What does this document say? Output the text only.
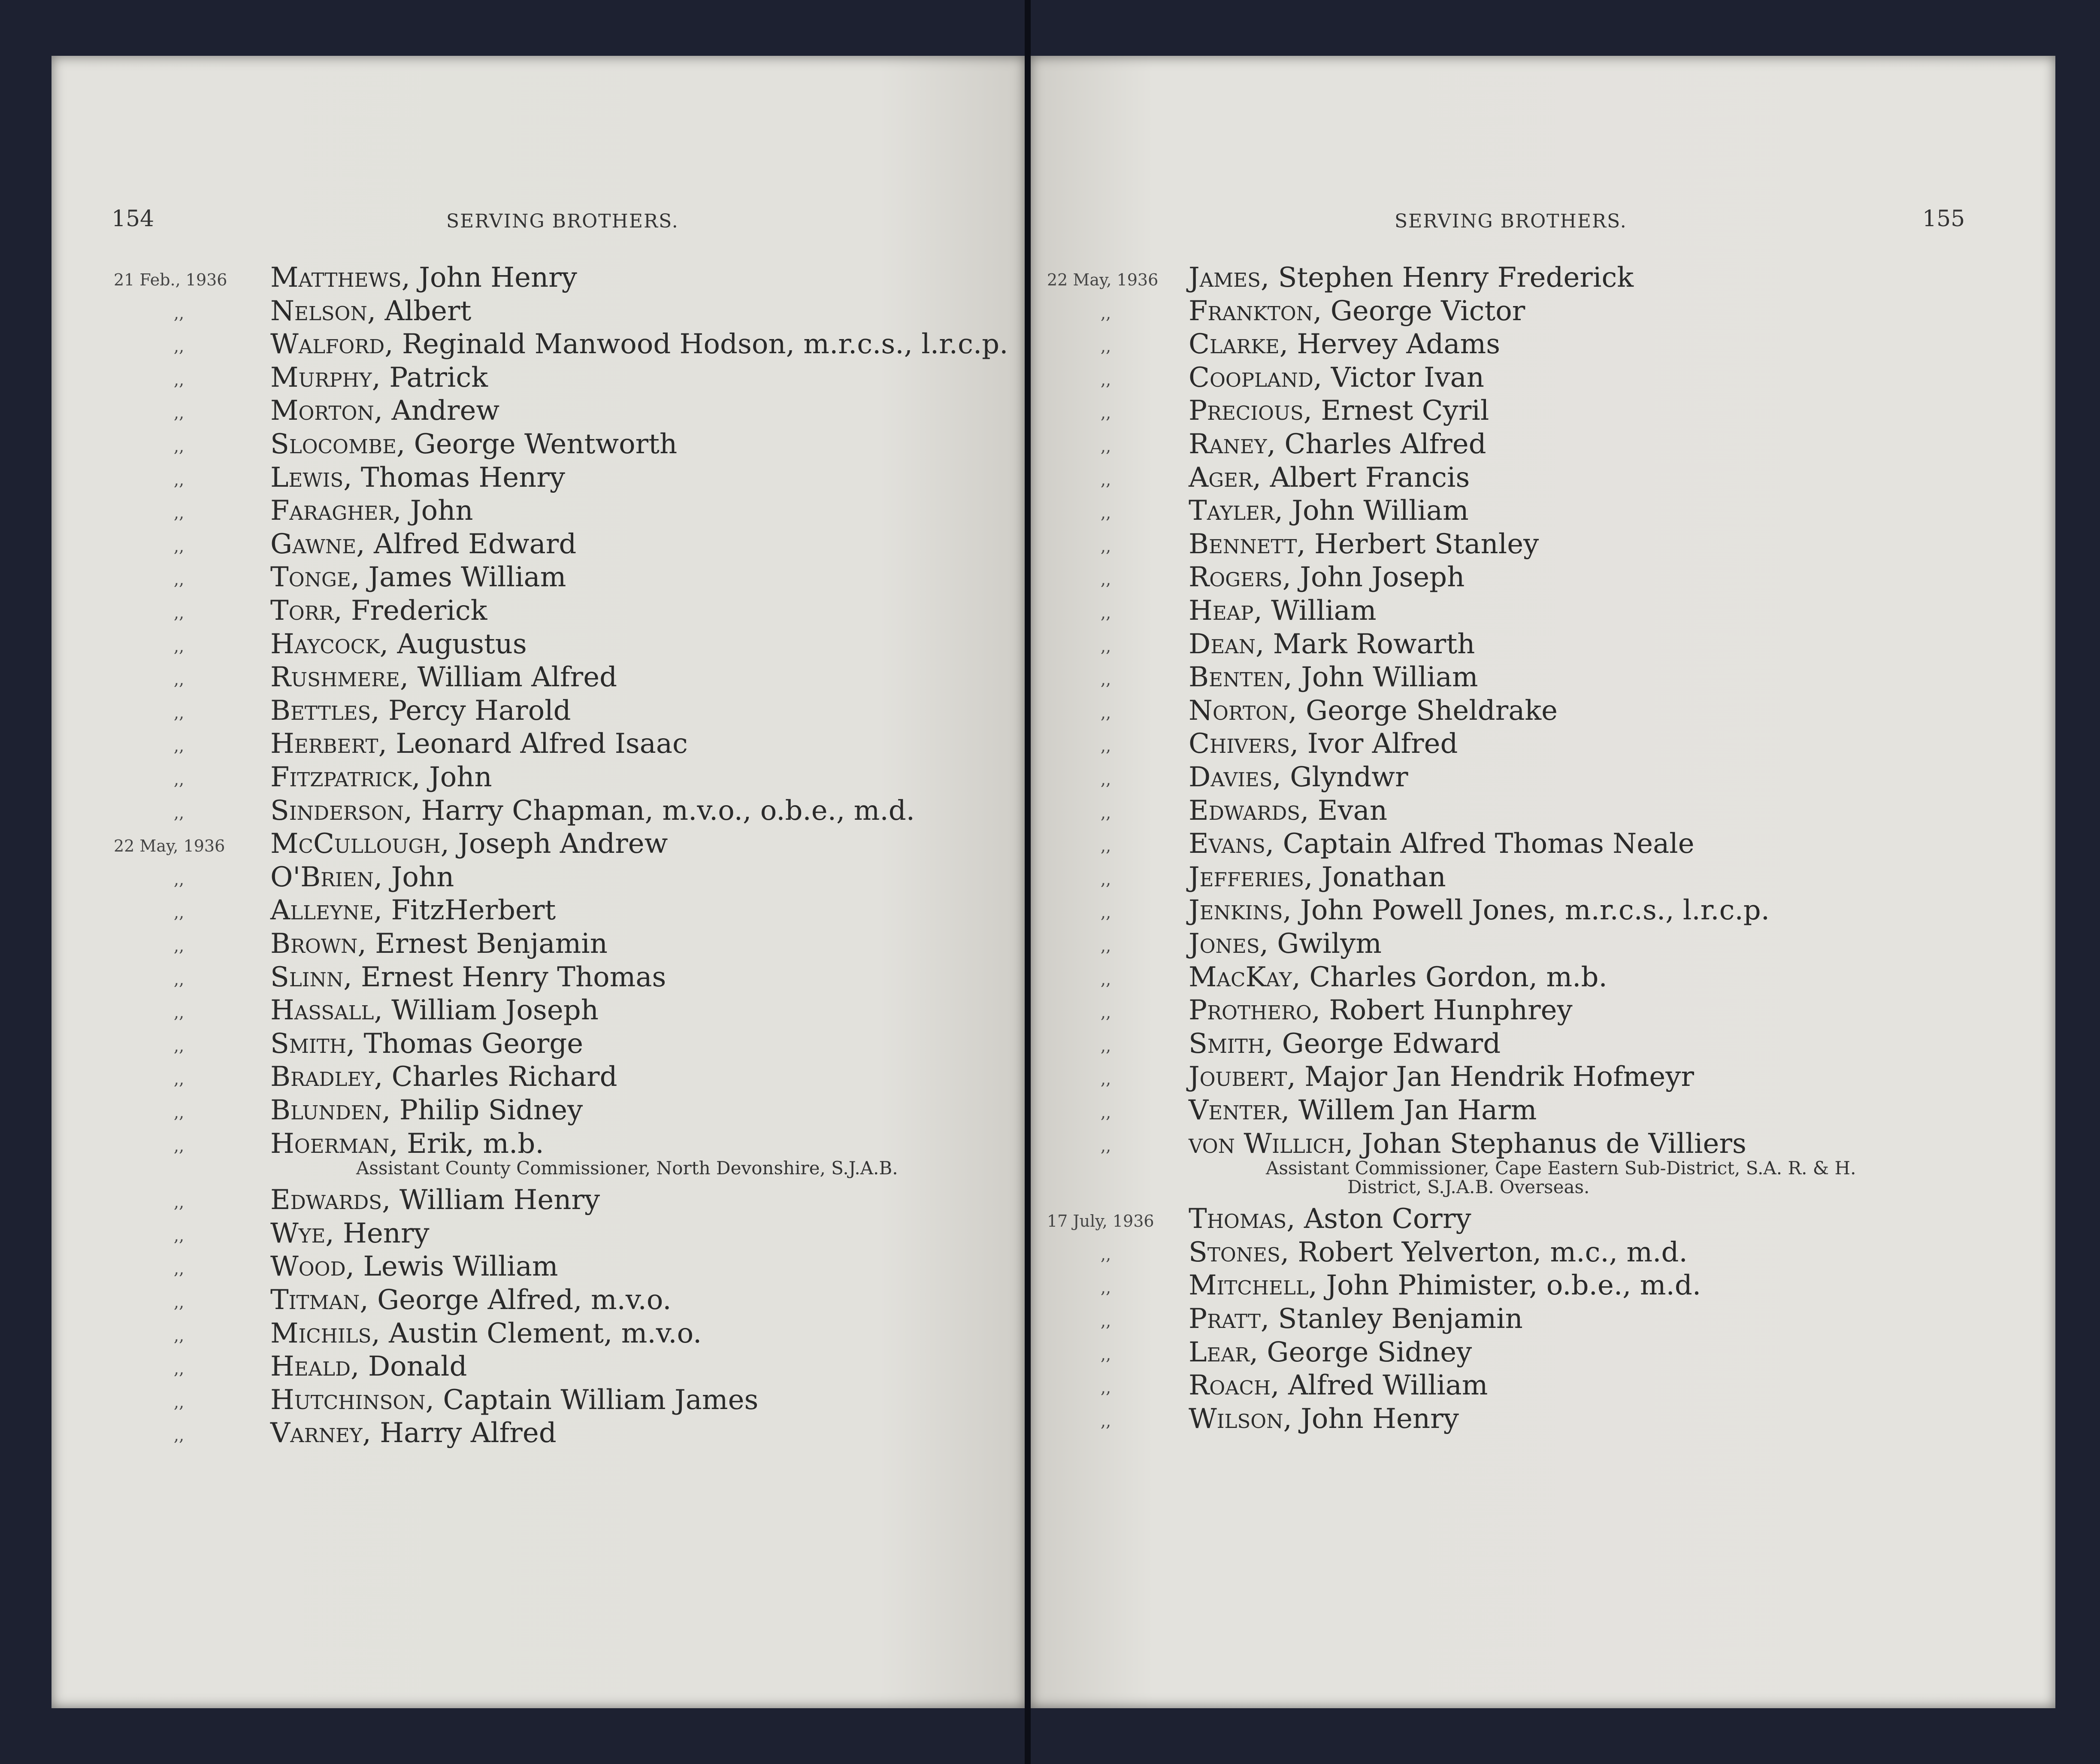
154	SERVING BROTHERS.
21 Feb., 1936 Matthews, John Henry
,,	Nelson, Albert
,,	Walford, Reginald Manwood Hodson, m.r.c.s., l.r.c.p.
,,	Murphy, Patrick
,,	Morton, Andrew
,,	Slocombe, George Wentworth
,,	Lewis, Thomas Henry
,,	Faragher, John
,,	Gawne, Alfred Edward
,,	Tonge, James William
,,	Torr, Frederick
,,	Haycock, Augustus
,,	Rushmere, William Alfred
,,	Bettles, Percy Harold
,,	Herbert, Leonard Alfred Isaac
,,	Fitzpatrick, John
,,	Sinderson, Harry Chapman, m.v.o., o.b.e., m.d.
22 May, 1936 McCullough, Joseph Andrew
,,	O'Brien, John
,,	Alleyne, FitzHerbert
,,	Brown, Ernest Benjamin
,,	Slinn, Ernest Henry Thomas
,,	Hassall, William Joseph
,,	Smith, Thomas George
,,	Bradley, Charles Richard
,,	Blunden, Philip Sidney
,,	Hoerman, Erik, m.b.
Assistant County Commissioner, North Devonshire, S.J.A.B.
,,	Edwards, William Henry
,,	Wye, Henry
,,	Wood, Lewis William
,,	Titman, George Alfred, m.v.o.
,,	Michils, Austin Clement, m.v.o.
,,	Heald, Donald
,,	Hutchinson, Captain William James
,,	Varney, Harry Alfred
SERVING BROTHERS.	155
22 May, 1936 James, Stephen Henry Frederick
,,	Frankton, George Victor
,,	Clarke, Hervey Adams
,,	Coopland, Victor Ivan
,,	Precious, Ernest Cyril
,,	Raney, Charles Alfred
,,	Ager, Albert Francis
,,	Tayler, John William
,,	Bennett, Herbert Stanley
,,	Rogers, John Joseph
,,	Heap, William
,,	Dean, Mark Rowarth
,,	Benten, John William
,,	Norton, George Sheldrake
,,	Chivers, Ivor Alfred
,,	Davies, Glyndwr
,,	Edwards, Evan
,,	Evans, Captain Alfred Thomas Neale
,,	Jefferies, Jonathan
,,	Jenkins, John Powell Jones, m.r.c.s., l.r.c.p.
,,	Jones, Gwilym
,,	MacKay, Charles Gordon, m.b.
,,	Prothero, Robert Hunphrey
,,	Smith, George Edward
,,	Joubert, Major Jan Hendrik Hofmeyr
,,	Venter, Willem Jan Harm
,,	von Willich, Johan Stephanus de Villiers
Assistant Commissioner, Cape Eastern Sub-District, S.A. R. & H.
District, S.J.A.B. Overseas.
17 July, 1936 Thomas, Aston Corry
,,	Stones, Robert Yelverton, m.c., m.d.
,,	Mitchell, John Phimister, o.b.e., m.d.
,,	Pratt, Stanley Benjamin
,,	Lear, George Sidney
,,	Roach, Alfred William
,,	Wilson, John Henry
